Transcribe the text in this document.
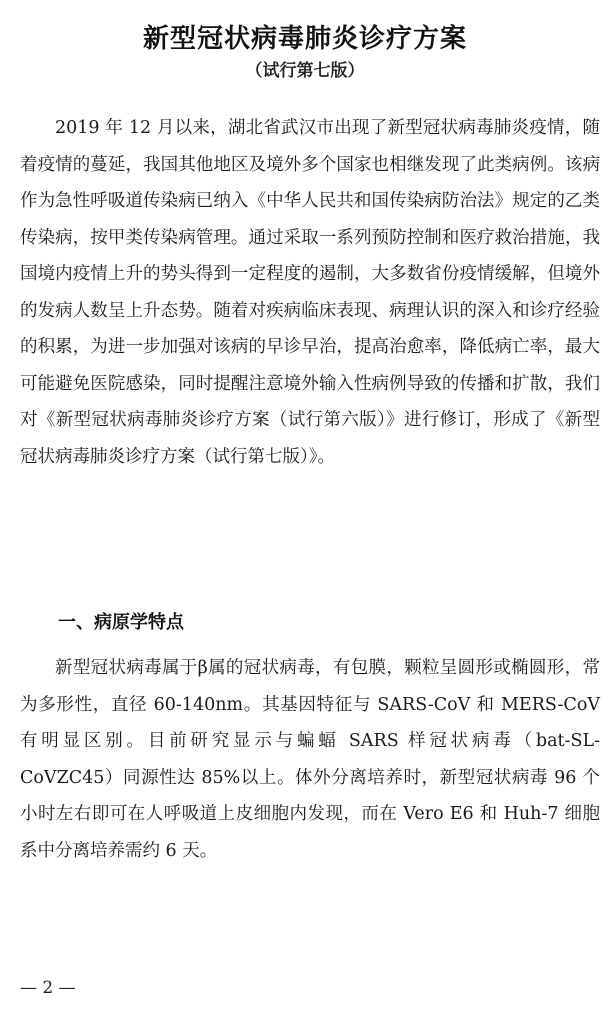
新型冠状病毒肺炎诊疗方案
（试行第七版）

2019 年 12 月以来，湖北省武汉市出现了新型冠状病毒肺炎疫情，随着疫情的蔓延，我国其他地区及境外多个国家也相继发现了此类病例。该病作为急性呼吸道传染病已纳入《中华人民共和国传染病防治法》规定的乙类传染病，按甲类传染病管理。通过采取一系列预防控制和医疗救治措施，我国境内疫情上升的势头得到一定程度的遏制，大多数省份疫情缓解，但境外的发病人数呈上升态势。随着对疾病临床表现、病理认识的深入和诊疗经验的积累，为进一步加强对该病的早诊早治，提高治愈率，降低病亡率，最大可能避免医院感染，同时提醒注意境外输入性病例导致的传播和扩散，我们对《新型冠状病毒肺炎诊疗方案（试行第六版）》进行修订，形成了《新型冠状病毒肺炎诊疗方案（试行第七版）》。

一、病原学特点

新型冠状病毒属于β属的冠状病毒，有包膜，颗粒呈圆形或椭圆形，常为多形性，直径 60-140nm。其基因特征与 SARS-CoV 和 MERS-CoV 有明显区别。目前研究显示与蝙蝠 SARS 样冠状病毒（bat-SL-CoVZC45）同源性达 85%以上。体外分离培养时，新型冠状病毒 96 个小时左右即可在人呼吸道上皮细胞内发现，而在 Vero E6 和 Huh-7 细胞系中分离培养需约 6 天。

— 2 —
